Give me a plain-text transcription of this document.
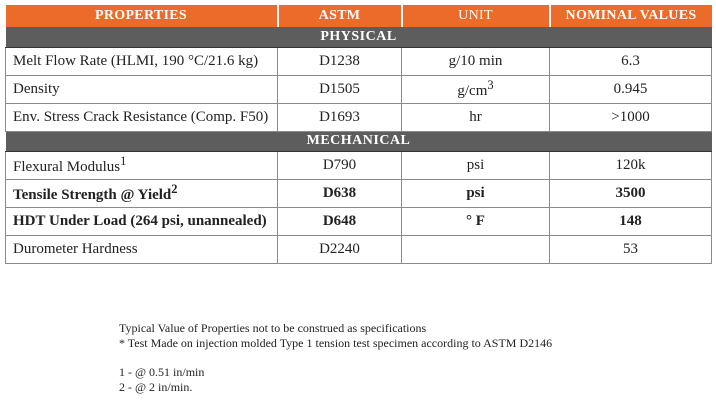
PROPERTIES	ASTM	UNIT	NOMINAL VALUES
PHYSICAL			
Melt Flow Rate (HLMI, 190 °C/21.6 kg)	D1238	g/10 min	6.3
Density	D1505	$g/cm^3$	0.945
Env. Stress Crack Resistance (Comp. F50)	D1693	hr	>1000
MECHANICAL			
Flexural Modulus$^1$	D790	psi	120k
Tensile Strength @ Yield$^2$	D638	psi	3500
HDT Under Load (264 psi, unannealed)	D648	° F	148
Durometer Hardness	D2240		53

Typical Value of Properties not to be construed as specifications

* Test Made on injection molded Type 1 tension test specimen according to ASTM D2146

1 - @ 0.51 in/min

2 - @ 2 in/min.
